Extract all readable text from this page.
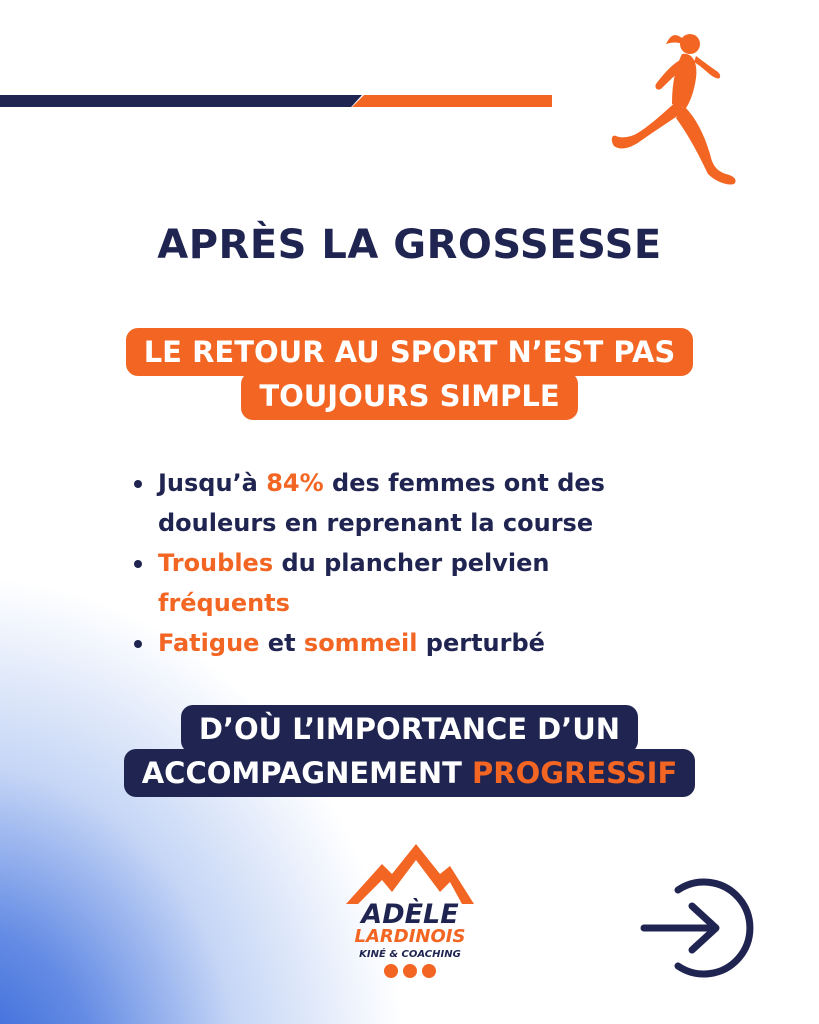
APRÈS LA GROSSESSE
LE RETOUR AU SPORT N’EST PAS
TOUJOURS SIMPLE
Jusqu’à 84% des femmes ont des douleurs en reprenant la course
Troubles du plancher pelvien fréquents
Fatigue et sommeil perturbé
D’OÙ L’IMPORTANCE D’UN
ACCOMPAGNEMENT PROGRESSIF
ADÈLE
LARDINOIS
KINÉ & COACHING
